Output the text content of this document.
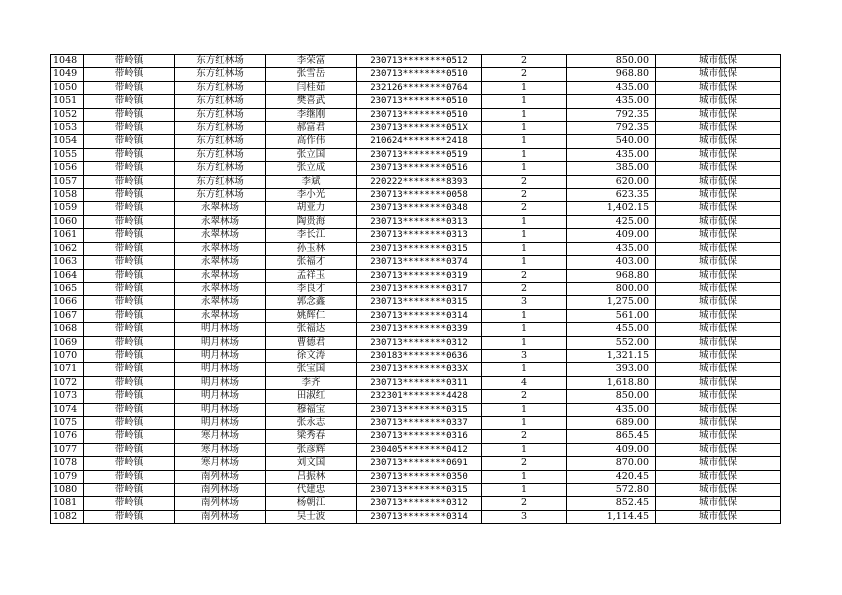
1048	带岭镇	东方红林场	李荣富	230713********0512	2	850.00	城市低保
1049	带岭镇	东方红林场	张雪岳	230713********0510	2	968.80	城市低保
1050	带岭镇	东方红林场	闫桂茹	232126********0764	1	435.00	城市低保
1051	带岭镇	东方红林场	樊喜武	230713********0510	1	435.00	城市低保
1052	带岭镇	东方红林场	李继刚	230713********0510	1	792.35	城市低保
1053	带岭镇	东方红林场	郝富君	230713********051X	1	792.35	城市低保
1054	带岭镇	东方红林场	高作伟	210624********2418	1	540.00	城市低保
1055	带岭镇	东方红林场	张立国	230713********0519	1	435.00	城市低保
1056	带岭镇	东方红林场	张立成	230713********0516	1	385.00	城市低保
1057	带岭镇	东方红林场	李斌	220222********8393	2	620.00	城市低保
1058	带岭镇	东方红林场	李小光	230713********0058	2	623.35	城市低保
1059	带岭镇	永翠林场	胡亚力	230713********0348	2	1,402.15	城市低保
1060	带岭镇	永翠林场	陶贵海	230713********0313	1	425.00	城市低保
1061	带岭镇	永翠林场	李长江	230713********0313	1	409.00	城市低保
1062	带岭镇	永翠林场	孙玉林	230713********0315	1	435.00	城市低保
1063	带岭镇	永翠林场	张福才	230713********0374	1	403.00	城市低保
1064	带岭镇	永翠林场	孟祥玉	230713********0319	2	968.80	城市低保
1065	带岭镇	永翠林场	李良才	230713********0317	2	800.00	城市低保
1066	带岭镇	永翠林场	郭念鑫	230713********0315	3	1,275.00	城市低保
1067	带岭镇	永翠林场	姚辉仁	230713********0314	1	561.00	城市低保
1068	带岭镇	明月林场	张福达	230713********0339	1	455.00	城市低保
1069	带岭镇	明月林场	曹德君	230713********0312	1	552.00	城市低保
1070	带岭镇	明月林场	徐文涛	230183********0636	3	1,321.15	城市低保
1071	带岭镇	明月林场	张宝国	230713********033X	1	393.00	城市低保
1072	带岭镇	明月林场	李齐	230713********0311	4	1,618.80	城市低保
1073	带岭镇	明月林场	田淑红	232301********4428	2	850.00	城市低保
1074	带岭镇	明月林场	穆福宝	230713********0315	1	435.00	城市低保
1075	带岭镇	明月林场	张永志	230713********0337	1	689.00	城市低保
1076	带岭镇	寒月林场	梁秀春	230713********0316	2	865.45	城市低保
1077	带岭镇	寒月林场	张彦辉	230405********0412	1	409.00	城市低保
1078	带岭镇	寒月林场	刘文国	230713********0691	2	870.00	城市低保
1079	带岭镇	南列林场	吕振林	230713********0350	1	420.45	城市低保
1080	带岭镇	南列林场	代建忠	230713********0315	1	572.80	城市低保
1081	带岭镇	南列林场	杨朝江	230713********0312	2	852.45	城市低保
1082	带岭镇	南列林场	吴士波	230713********0314	3	1,114.45	城市低保
